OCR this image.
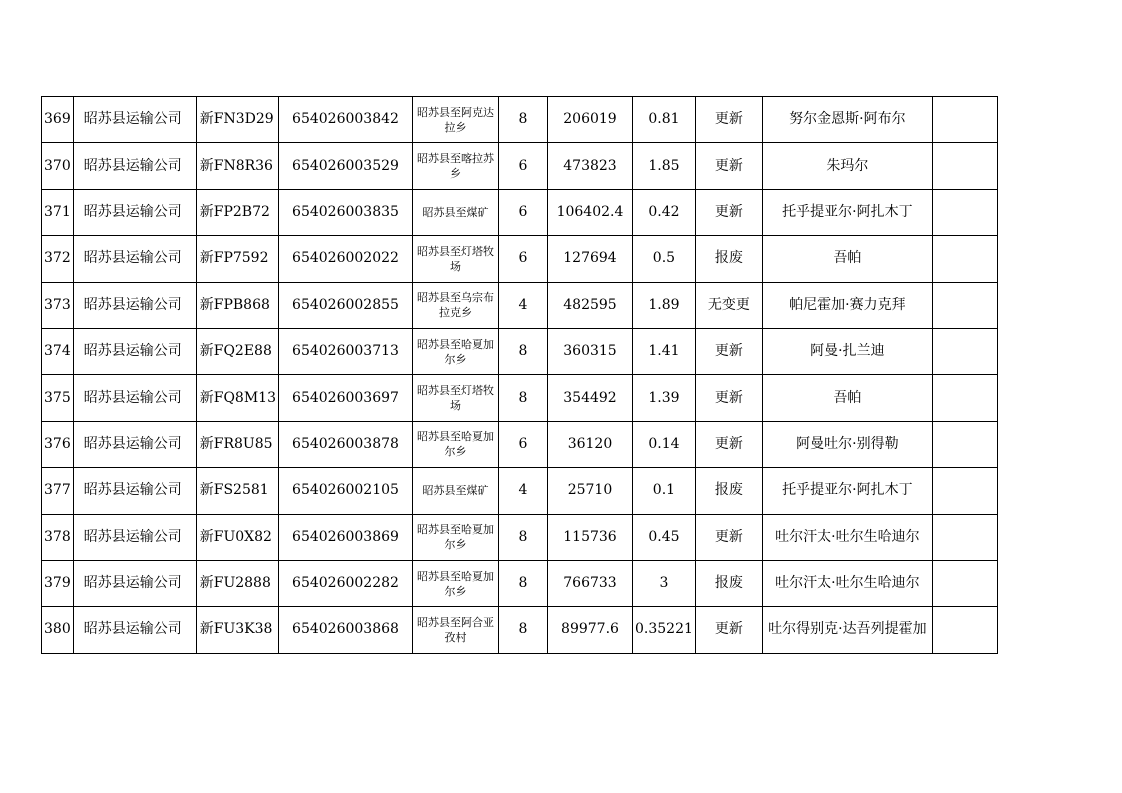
369	昭苏县运输公司	新FN3D29	654026003842	昭苏县至阿克达拉乡	8	206019	0.81	更新	努尔金恩斯·阿布尔	
370	昭苏县运输公司	新FN8R36	654026003529	昭苏县至喀拉苏乡	6	473823	1.85	更新	朱玛尔	
371	昭苏县运输公司	新FP2B72	654026003835	昭苏县至煤矿	6	106402.4	0.42	更新	托乎提亚尔·阿扎木丁	
372	昭苏县运输公司	新FP7592	654026002022	昭苏县至灯塔牧场	6	127694	0.5	报废	吾帕	
373	昭苏县运输公司	新FPB868	654026002855	昭苏县至乌宗布拉克乡	4	482595	1.89	无变更	帕尼霍加·赛力克拜	
374	昭苏县运输公司	新FQ2E88	654026003713	昭苏县至哈夏加尔乡	8	360315	1.41	更新	阿曼·扎兰迪	
375	昭苏县运输公司	新FQ8M13	654026003697	昭苏县至灯塔牧场	8	354492	1.39	更新	吾帕	
376	昭苏县运输公司	新FR8U85	654026003878	昭苏县至哈夏加尔乡	6	36120	0.14	更新	阿曼吐尔·别得勒	
377	昭苏县运输公司	新FS2581	654026002105	昭苏县至煤矿	4	25710	0.1	报废	托乎提亚尔·阿扎木丁	
378	昭苏县运输公司	新FU0X82	654026003869	昭苏县至哈夏加尔乡	8	115736	0.45	更新	吐尔汗太·吐尔生哈迪尔	
379	昭苏县运输公司	新FU2888	654026002282	昭苏县至哈夏加尔乡	8	766733	3	报废	吐尔汗太·吐尔生哈迪尔	
380	昭苏县运输公司	新FU3K38	654026003868	昭苏县至阿合亚孜村	8	89977.6	0.35221	更新	吐尔得别克·达吾列提霍加	
